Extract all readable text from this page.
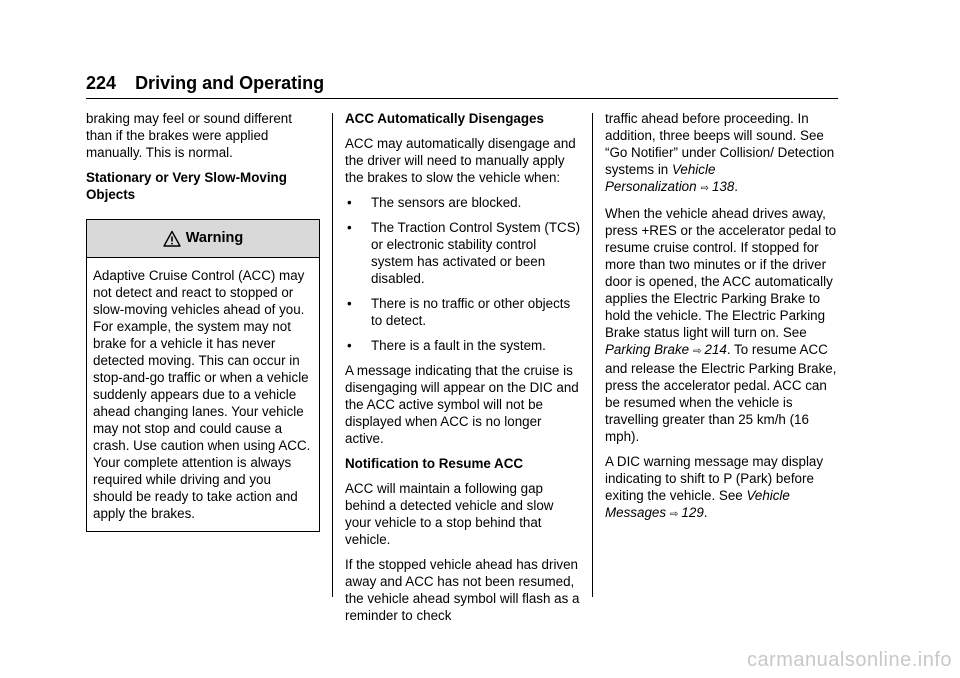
224 Driving and Operating

braking may feel or sound different than if the brakes were applied manually. This is normal.

Stationary or Very Slow-Moving Objects

Warning
Adaptive Cruise Control (ACC) may not detect and react to stopped or slow-moving vehicles ahead of you. For example, the system may not brake for a vehicle it has never detected moving. This can occur in stop-and-go traffic or when a vehicle suddenly appears due to a vehicle ahead changing lanes. Your vehicle may not stop and could cause a crash. Use caution when using ACC. Your complete attention is always required while driving and you should be ready to take action and apply the brakes.

ACC Automatically Disengages

ACC may automatically disengage and the driver will need to manually apply the brakes to slow the vehicle when:

•	The sensors are blocked.
•	The Traction Control System (TCS) or electronic stability control system has activated or been disabled.
•	There is no traffic or other objects to detect.
•	There is a fault in the system.

A message indicating that the cruise is disengaging will appear on the DIC and the ACC active symbol will not be displayed when ACC is no longer active.

Notification to Resume ACC

ACC will maintain a following gap behind a detected vehicle and slow your vehicle to a stop behind that vehicle.

If the stopped vehicle ahead has driven away and ACC has not been resumed, the vehicle ahead symbol will flash as a reminder to check

traffic ahead before proceeding. In addition, three beeps will sound. See “Go Notifier” under Collision/ Detection systems in Vehicle Personalization ⇨ 138.

When the vehicle ahead drives away, press +RES or the accelerator pedal to resume cruise control. If stopped for more than two minutes or if the driver door is opened, the ACC automatically applies the Electric Parking Brake to hold the vehicle. The Electric Parking Brake status light will turn on. See Parking Brake ⇨ 214. To resume ACC and release the Electric Parking Brake, press the accelerator pedal. ACC can be resumed when the vehicle is travelling greater than 25 km/h (16 mph).

A DIC warning message may display indicating to shift to P (Park) before exiting the vehicle. See Vehicle Messages ⇨ 129.

carmanualsonline.info
